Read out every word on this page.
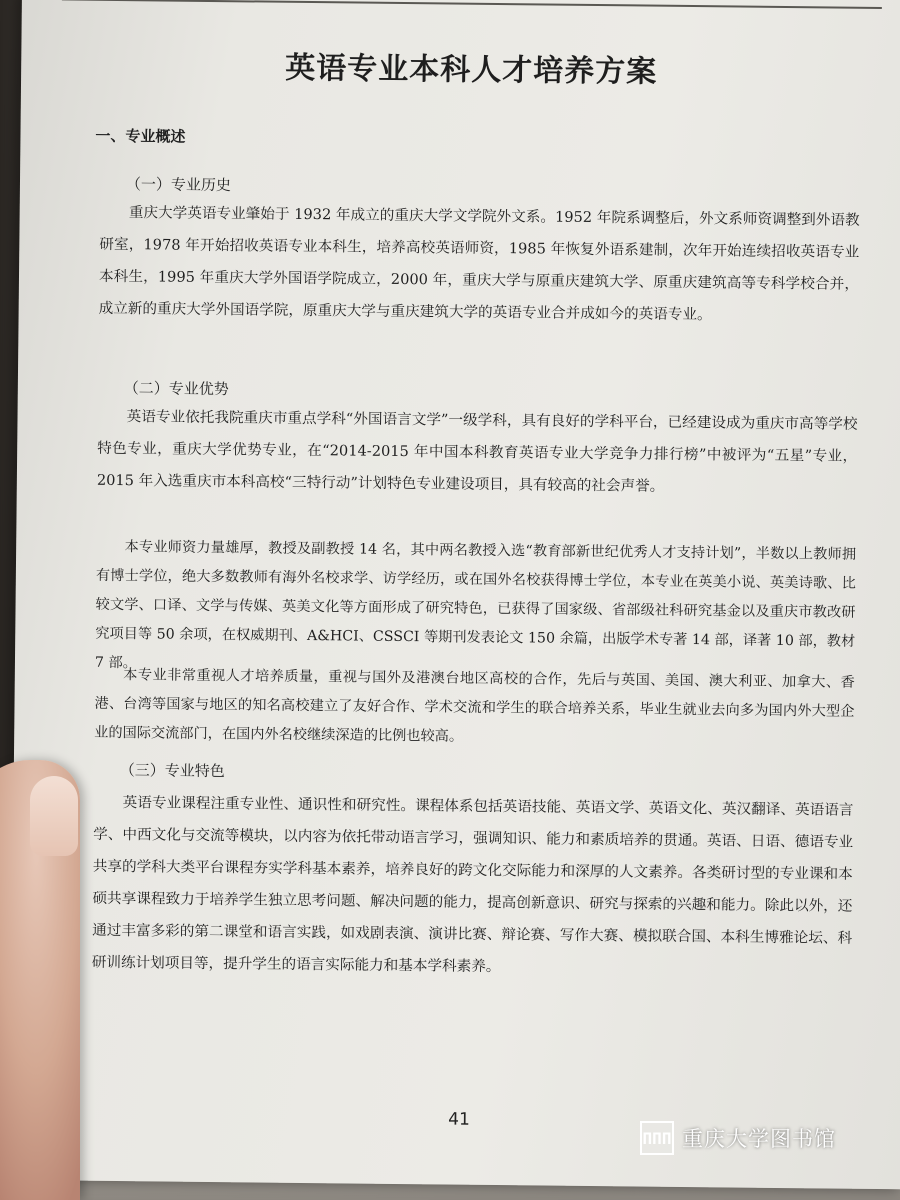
英语专业本科人才培养方案
一、专业概述
（一）专业历史
重庆大学英语专业肇始于 1932 年成立的重庆大学文学院外文系。1952 年院系调整后，外文系师资调整到外语教研室，1978 年开始招收英语专业本科生，培养高校英语师资，1985 年恢复外语系建制，次年开始连续招收英语专业本科生，1995 年重庆大学外国语学院成立，2000 年，重庆大学与原重庆建筑大学、原重庆建筑高等专科学校合并，成立新的重庆大学外国语学院，原重庆大学与重庆建筑大学的英语专业合并成如今的英语专业。
（二）专业优势
英语专业依托我院重庆市重点学科“外国语言文学”一级学科，具有良好的学科平台，已经建设成为重庆市高等学校特色专业，重庆大学优势专业，在“2014-2015 年中国本科教育英语专业大学竞争力排行榜”中被评为“五星”专业，2015 年入选重庆市本科高校“三特行动”计划特色专业建设项目，具有较高的社会声誉。
本专业师资力量雄厚，教授及副教授 14 名，其中两名教授入选“教育部新世纪优秀人才支持计划”，半数以上教师拥有博士学位，绝大多数教师有海外名校求学、访学经历，或在国外名校获得博士学位，本专业在英美小说、英美诗歌、比较文学、口译、文学与传媒、英美文化等方面形成了研究特色，已获得了国家级、省部级社科研究基金以及重庆市教改研究项目等 50 余项，在权威期刊、A&HCI、CSSCI 等期刊发表论文 150 余篇，出版学术专著 14 部，译著 10 部，教材 7 部。
本专业非常重视人才培养质量，重视与国外及港澳台地区高校的合作，先后与英国、美国、澳大利亚、加拿大、香港、台湾等国家与地区的知名高校建立了友好合作、学术交流和学生的联合培养关系，毕业生就业去向多为国内外大型企业的国际交流部门，在国内外名校继续深造的比例也较高。
（三）专业特色
英语专业课程注重专业性、通识性和研究性。课程体系包括英语技能、英语文学、英语文化、英汉翻译、英语语言学、中西文化与交流等模块，以内容为依托带动语言学习，强调知识、能力和素质培养的贯通。英语、日语、德语专业共享的学科大类平台课程夯实学科基本素养，培养良好的跨文化交际能力和深厚的人文素养。各类研讨型的专业课和本硕共享课程致力于培养学生独立思考问题、解决问题的能力，提高创新意识、研究与探索的兴趣和能力。除此以外，还通过丰富多彩的第二课堂和语言实践，如戏剧表演、演讲比赛、辩论赛、写作大赛、模拟联合国、本科生博雅论坛、科研训练计划项目等，提升学生的语言实际能力和基本学科素养。
41
ΠΠΠ 重庆大学图书馆
